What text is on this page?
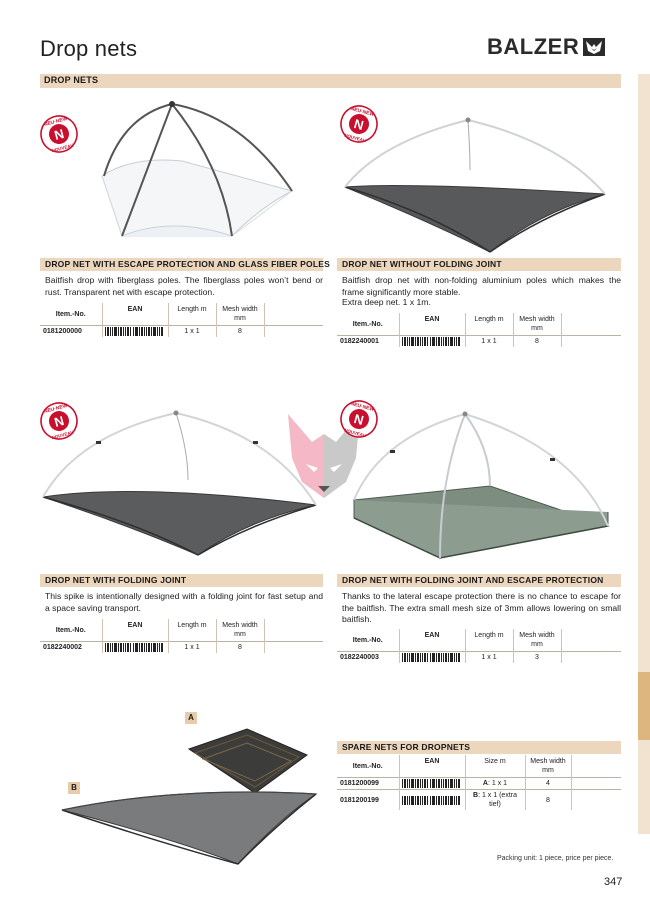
Drop nets	BALZER
DROP NETS
DROP NET WITH ESCAPE PROTECTION AND GLASS FIBER POLES

Baitfish drop with fiberglass poles. The fiberglass poles won’t bend or rust. Transparent net with escape protection.

Item.-No.	EAN	Length m	Mesh width mm	
0181200000		1 x 1	8	
DROP NET WITHOUT FOLDING JOINT

Baitfish drop net with non-folding aluminium poles which makes the frame significantly more stable.

Extra deep net. 1 x 1m.

Item.-No.	EAN	Length m	Mesh width mm	
0182240001		1 x 1	8	
DROP NET WITH FOLDING JOINT

This spike is intentionally designed with a folding joint for fast setup and a space saving transport.

Item.-No.	EAN	Length m	Mesh width mm	
0182240002		1 x 1	8	
DROP NET WITH FOLDING JOINT AND ESCAPE PROTECTION

Thanks to the lateral escape protection there is no chance to escape for the baitfish. The extra small mesh size of 3mm allows lowering on small baitfish.

Item.-No.	EAN	Length m	Mesh width mm	
0182240003		1 x 1	3	
A
B
SPARE NETS FOR DROPNETS
Item.-No.	EAN	Size m	Mesh width mm	
0181200099		A: 1 x 1	4	
0181200199		B: 1 x 1 (extra tief)	8	
Packing unit: 1 piece, price per piece.
347
